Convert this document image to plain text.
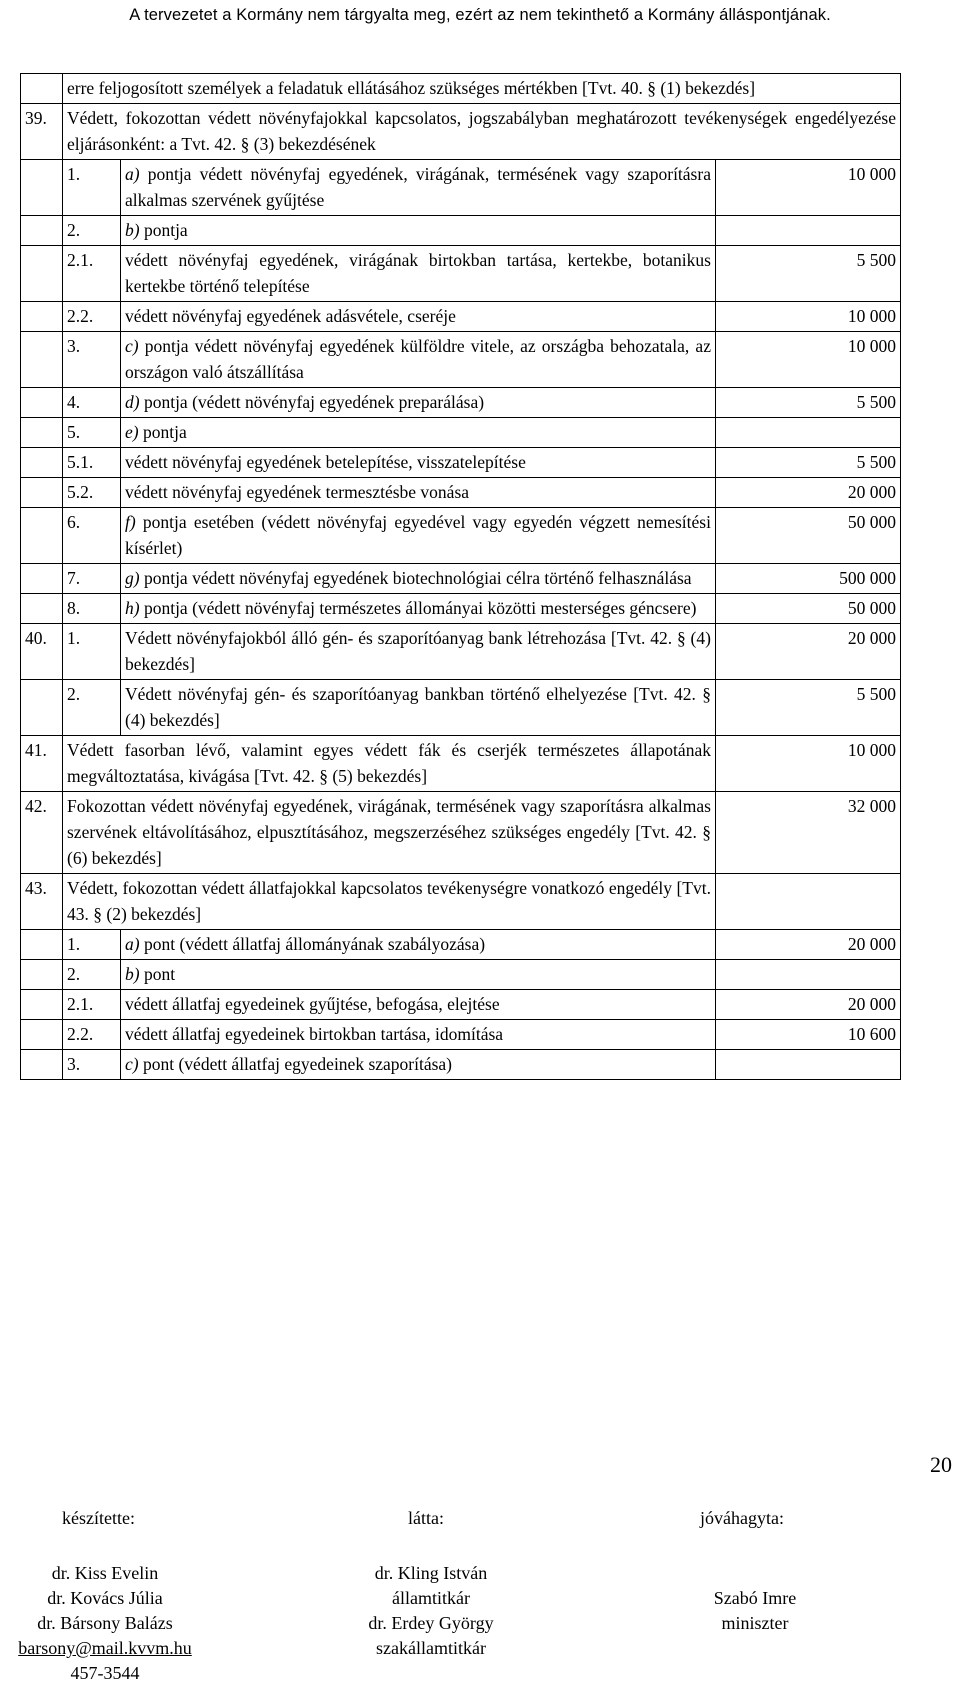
A tervezetet a Kormány nem tárgyalta meg, ezért az nem tekinthető a Kormány álláspontjának.
	erre feljogosított személyek a feladatuk ellátásához szükséges mértékben [Tvt. 40. § (1) bekezdés]		
39.	Védett, fokozottan védett növényfajokkal kapcsolatos, jogszabályban meghatározott tevékenységek engedélyezése eljárásonként: a Tvt. 42. § (3) bekezdésének		
	1.	a) pontja védett növényfaj egyedének, virágának, termésének vagy szaporításra alkalmas szervének gyűjtése	10 000
	2.	b) pontja	
	2.1.	védett növényfaj egyedének, virágának birtokban tartása, kertekbe, botanikus kertekbe történő telepítése	5 500
	2.2.	védett növényfaj egyedének adásvétele, cseréje	10 000
	3.	c) pontja védett növényfaj egyedének külföldre vitele, az országba behozatala, az országon való átszállítása	10 000
	4.	d) pontja (védett növényfaj egyedének preparálása)	5 500
	5.	e) pontja	
	5.1.	védett növényfaj egyedének betelepítése, visszatelepítése	5 500
	5.2.	védett növényfaj egyedének termesztésbe vonása	20 000
	6.	f) pontja esetében (védett növényfaj egyedével vagy egyedén végzett nemesítési kísérlet)	50 000
	7.	g) pontja védett növényfaj egyedének biotechnológiai célra történő felhasználása	500 000
	8.	h) pontja (védett növényfaj természetes állományai közötti mesterséges géncsere)	50 000
40.	1.	Védett növényfajokból álló gén- és szaporítóanyag bank létrehozása [Tvt. 42. § (4) bekezdés]	20 000
	2.	Védett növényfaj gén- és szaporítóanyag bankban történő elhelyezése [Tvt. 42. § (4) bekezdés]	5 500
41.	Védett fasorban lévő, valamint egyes védett fák és cserjék természetes állapotának megváltoztatása, kivágása [Tvt. 42. § (5) bekezdés]		10 000
42.	Fokozottan védett növényfaj egyedének, virágának, termésének vagy szaporításra alkalmas szervének eltávolításához, elpusztításához, megszerzéséhez szükséges engedély [Tvt. 42. § (6) bekezdés]		32 000
43.	Védett, fokozottan védett állatfajokkal kapcsolatos tevékenységre vonatkozó engedély [Tvt. 43. § (2) bekezdés]		
	1.	a) pont (védett állatfaj állományának szabályozása)	20 000
	2.	b) pont	
	2.1.	védett állatfaj egyedeinek gyűjtése, befogása, elejtése	20 000
	2.2.	védett állatfaj egyedeinek birtokban tartása, idomítása	10 600
	3.	c) pont (védett állatfaj egyedeinek szaporítása)	
20
készítette:	látta:	jóváhagyta:
dr. Kiss Evelin
dr. Kovács Júlia
dr. Bársony Balázs
barsony@mail.kvvm.hu
457-3544
dr. Kling István
államtitkár
dr. Erdey György
szakállamtitkár
Szabó Imre
miniszter
